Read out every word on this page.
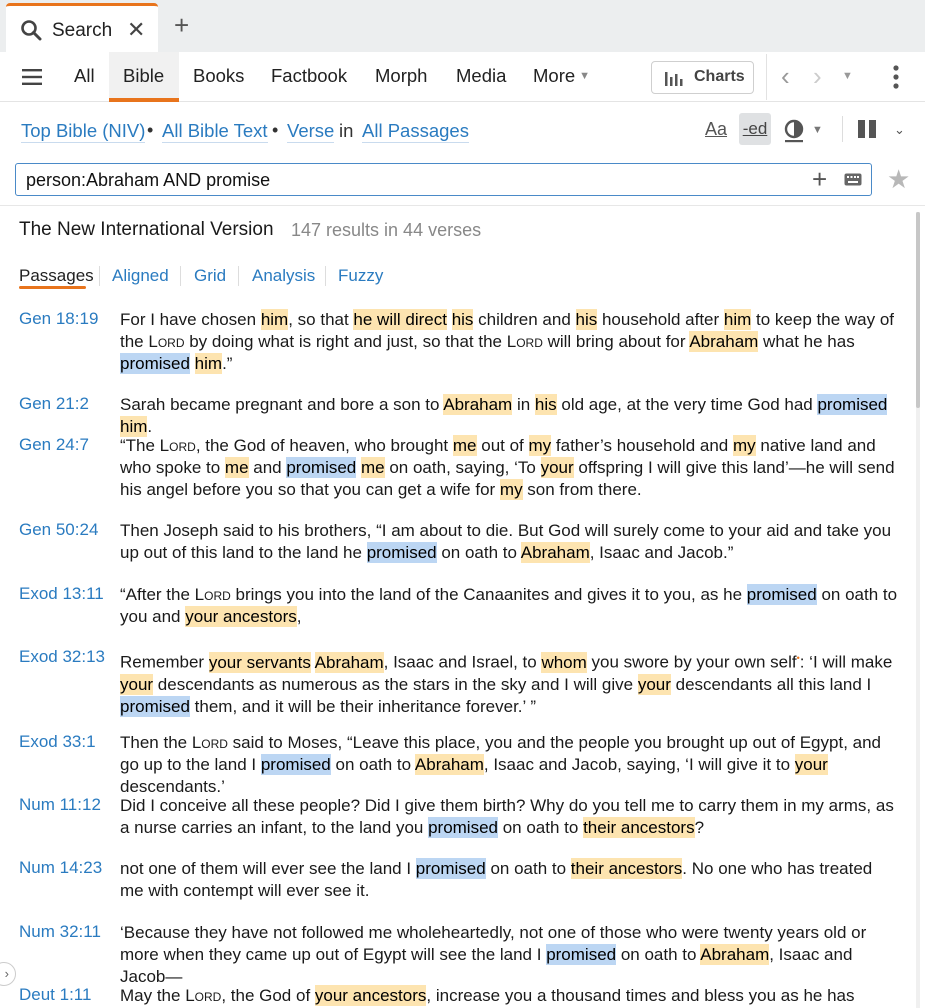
Search ✕ +
All Bible Books Factbook Morph Media More ▼	Charts ‹ › ▼
Top Bible (NIV) • All Bible Text • Verse in All Passages	Aa -ed	▼	⌄
person:Abraham AND promise
+ ★
The New International Version 147 results in 44 verses
Passages Aligned Grid Analysis Fuzzy
Gen 18:19 For I have chosen him, so that he will direct his children and his household after him to keep the way of the Lord by doing what is right and just, so that the Lord will bring about for Abraham what he has promised him.”
Gen 21:2 Sarah became pregnant and bore a son to Abraham in his old age, at the very time God had promised him.
Gen 24:7 “The Lord, the God of heaven, who brought me out of my father’s household and my native land and who spoke to me and promised me on oath, saying, ‘To your offspring I will give this land’—he will send his angel before you so that you can get a wife for my son from there.
Gen 50:24 Then Joseph said to his brothers, “I am about to die. But God will surely come to your aid and take you up out of this land to the land he promised on oath to Abraham, Isaac and Jacob.”
Exod 13:11 “After the Lord brings you into the land of the Canaanites and gives it to you, as he promised on oath to you and your ancestors,
Exod 32:13 Remember your servants Abraham, Isaac and Israel, to whom you swore by your own self•: ‘I will make your descendants as numerous as the stars in the sky and I will give your descendants all this land I promised them, and it will be their inheritance forever.’ ”
Exod 33:1 Then the Lord said to Moses, “Leave this place, you and the people you brought up out of Egypt, and go up to the land I promised on oath to Abraham, Isaac and Jacob, saying, ‘I will give it to your descendants.’
Num 11:12 Did I conceive all these people? Did I give them birth? Why do you tell me to carry them in my arms, as a nurse carries an infant, to the land you promised on oath to their ancestors?
Num 14:23 not one of them will ever see the land I promised on oath to their ancestors. No one who has treated me with contempt will ever see it.
Num 32:11 ‘Because they have not followed me wholeheartedly, not one of those who were twenty years old or more when they came up out of Egypt will see the land I promised on oath to Abraham, Isaac and Jacob—
Deut 1:11 May the Lord, the God of your ancestors, increase you a thousand times and bless you as he has
›
